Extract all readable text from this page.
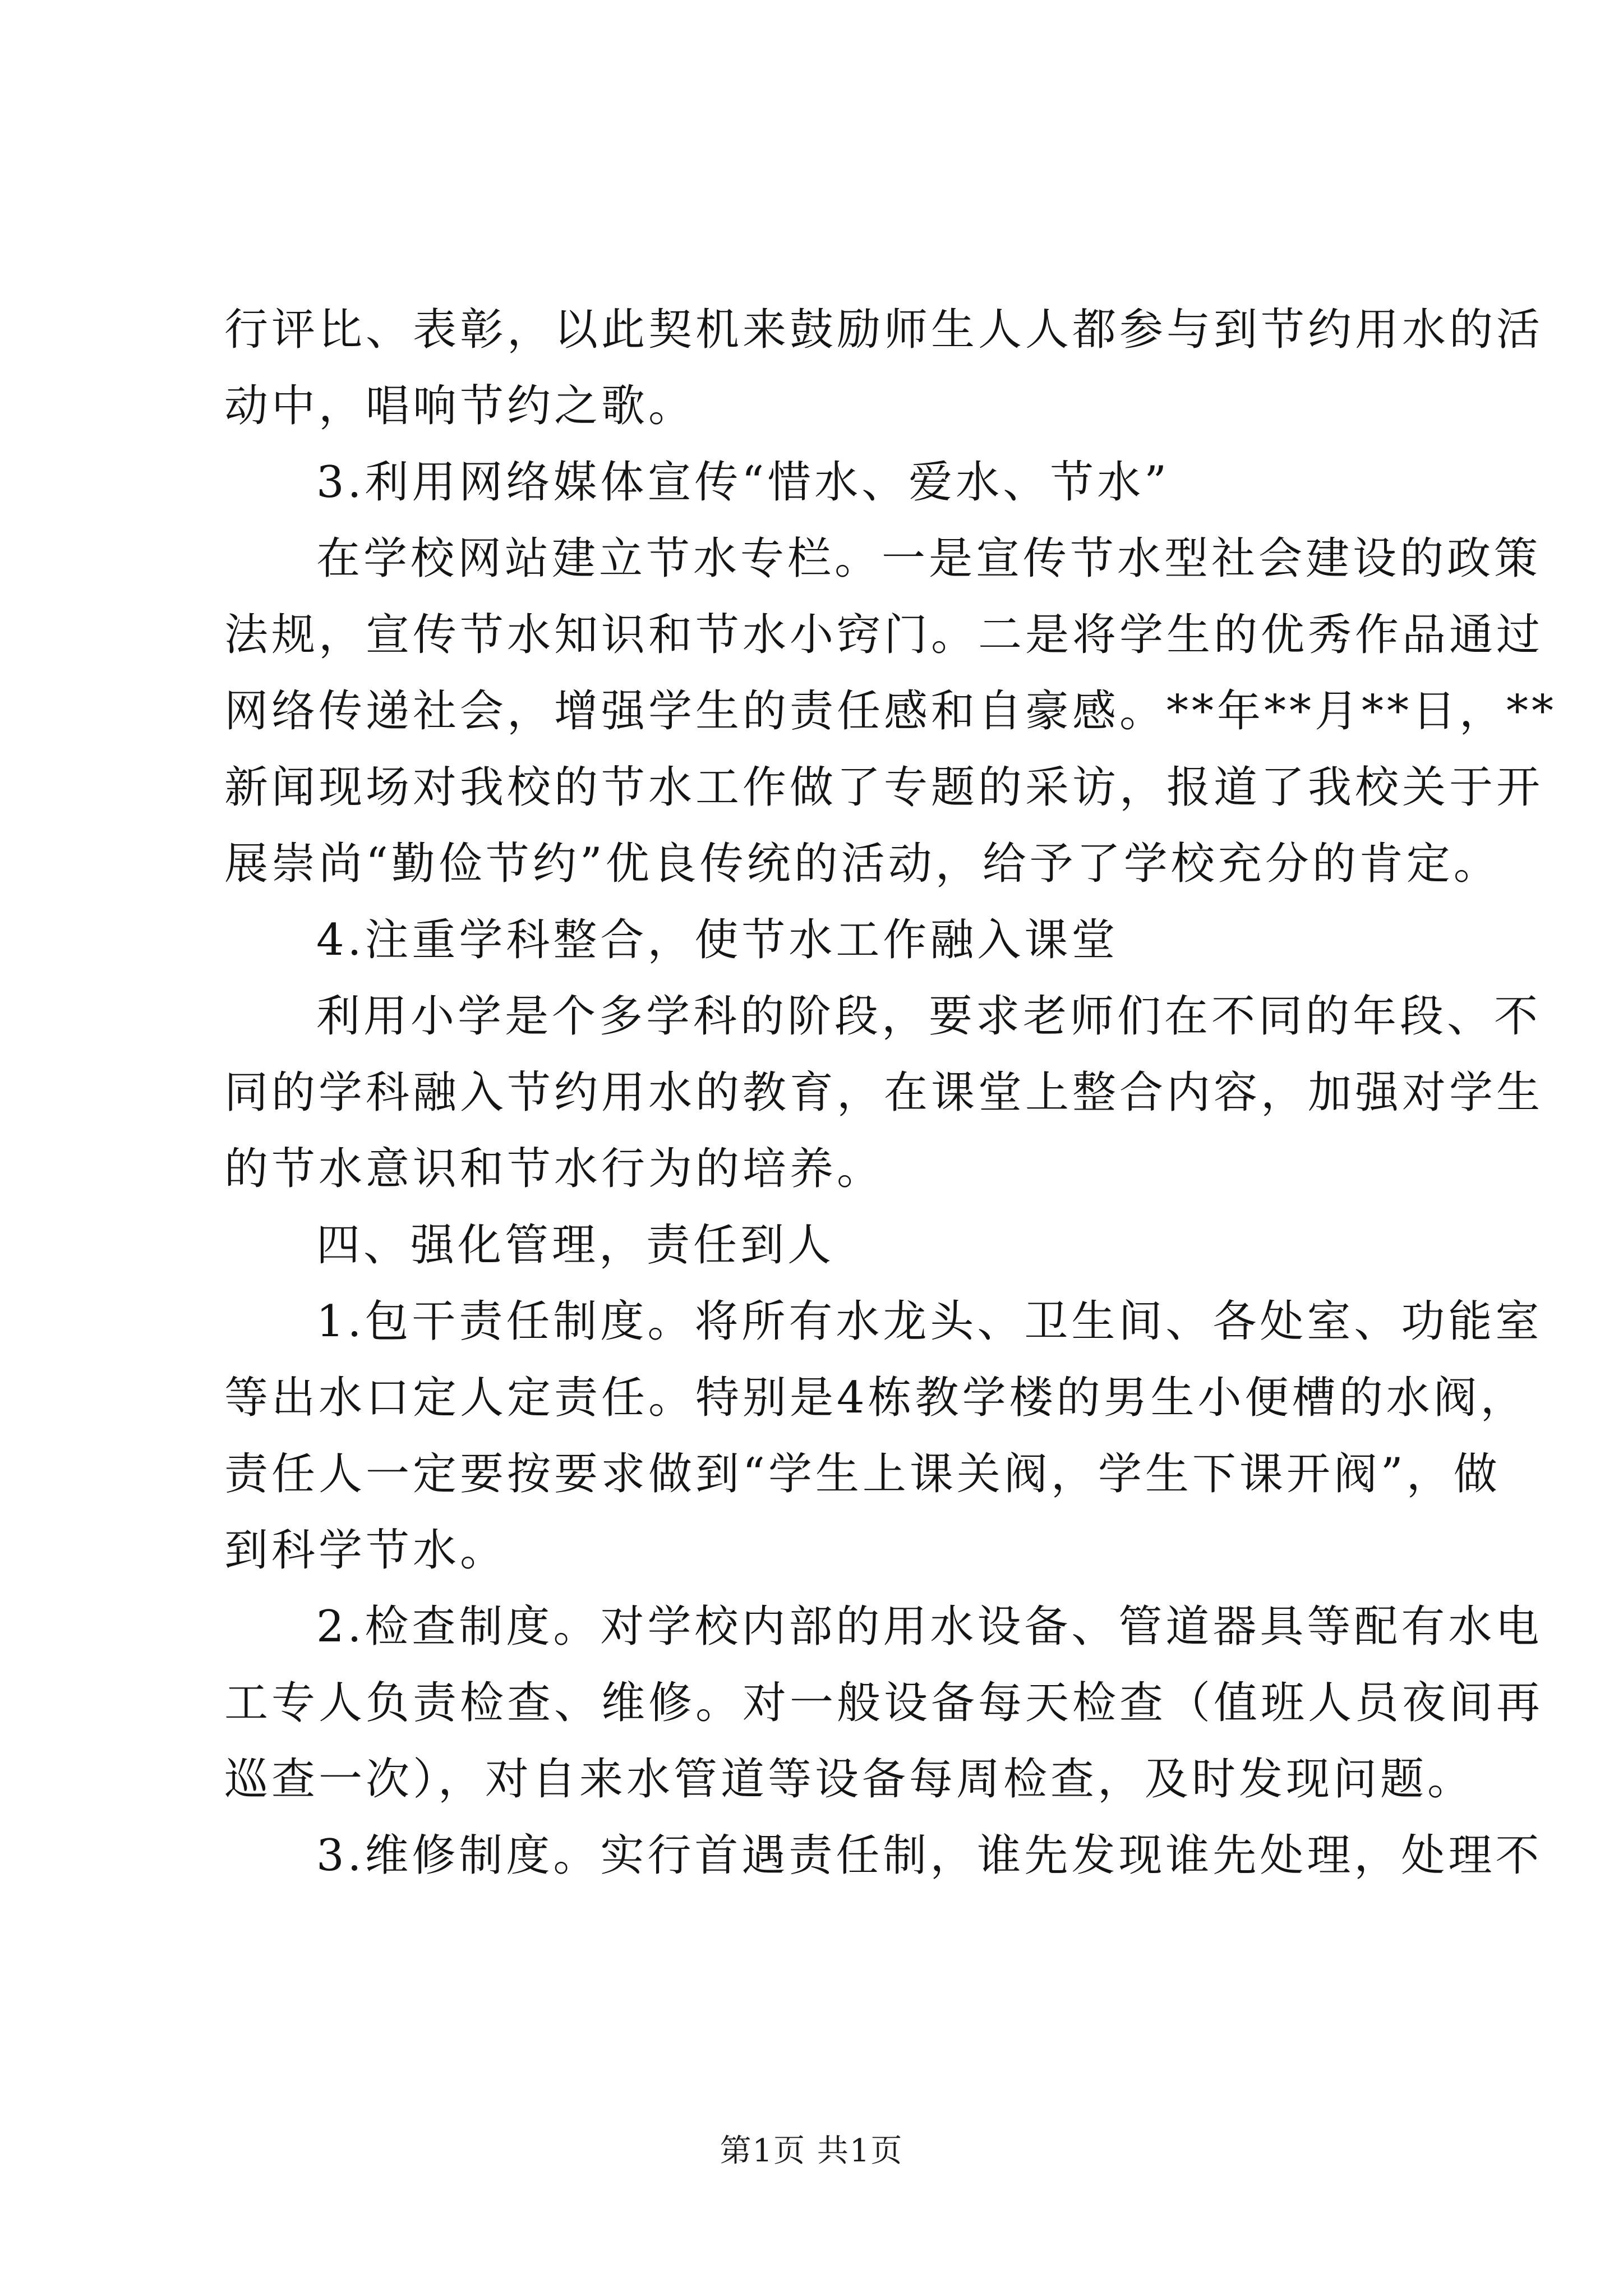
行评比、表彰，以此契机来鼓励师生人人都参与到节约用水的活
动中，唱响节约之歌。
3.利用网络媒体宣传“惜水、爱水、节水”
在学校网站建立节水专栏。一是宣传节水型社会建设的政策
法规，宣传节水知识和节水小窍门。二是将学生的优秀作品通过
网络传递社会，增强学生的责任感和自豪感。**年**月**日，**
新闻现场对我校的节水工作做了专题的采访，报道了我校关于开
展崇尚“勤俭节约”优良传统的活动，给予了学校充分的肯定。
4.注重学科整合，使节水工作融入课堂
利用小学是个多学科的阶段，要求老师们在不同的年段、不
同的学科融入节约用水的教育，在课堂上整合内容，加强对学生
的节水意识和节水行为的培养。
四、强化管理，责任到人
1.包干责任制度。将所有水龙头、卫生间、各处室、功能室
等出水口定人定责任。特别是4栋教学楼的男生小便槽的水阀，
责任人一定要按要求做到“学生上课关阀，学生下课开阀”，做
到科学节水。
2.检查制度。对学校内部的用水设备、管道器具等配有水电
工专人负责检查、维修。对一般设备每天检查（值班人员夜间再
巡查一次），对自来水管道等设备每周检查，及时发现问题。
3.维修制度。实行首遇责任制，谁先发现谁先处理，处理不
第1页 共1页
